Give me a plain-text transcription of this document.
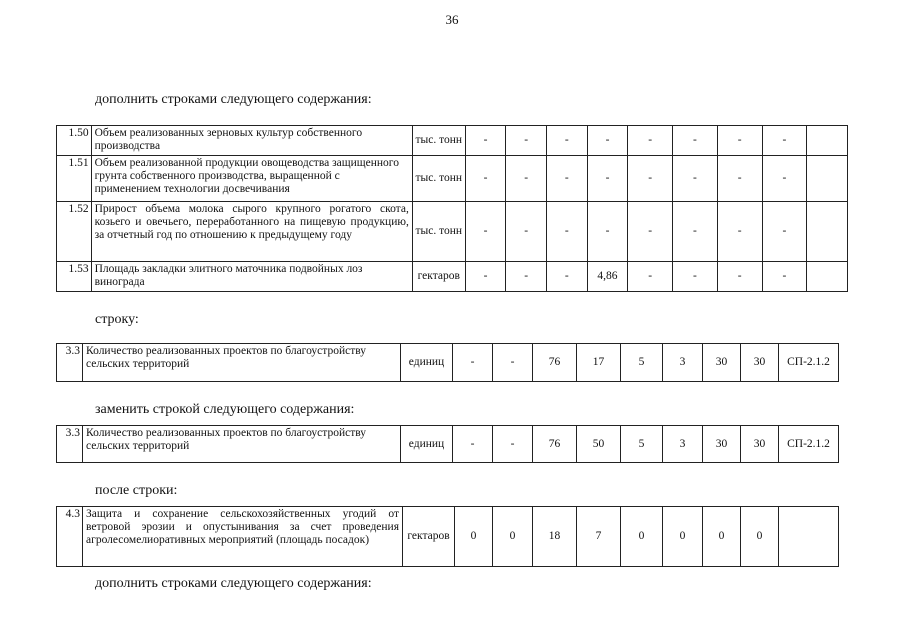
36
дополнить строками следующего содержания:
1.50	Объем реализованных зерновых культур собственного производства	тыс. тонн	-	-	-	-	-	-	-	-	
1.51	Объем реализованной продукции овощеводства защищенного грунта собственного производства, выращенной с применением технологии досвечивания	тыс. тонн	-	-	-	-	-	-	-	-	
1.52	Прирост объема молока сырого крупного рогатого скота, козьего и овечьего, переработанного на пищевую продукцию, за отчетный год по отношению к предыдущему году	тыс. тонн	-	-	-	-	-	-	-	-	
1.53	Площадь закладки элитного маточника подвойных лоз винограда	гектаров	-	-	-	4,86	-	-	-	-	
строку:
3.3	Количество реализованных проектов по благоустройству сельских территорий	единиц	-	-	76	17	5	3	30	30	СП-2.1.2
заменить строкой следующего содержания:
3.3	Количество реализованных проектов по благоустройству сельских территорий	единиц	-	-	76	50	5	3	30	30	СП-2.1.2
после строки:
4.3	Защита и сохранение сельскохозяйственных угодий от ветровой эрозии и опустынивания за счет проведения агролесомелиоративных мероприятий (площадь посадок)	гектаров	0	0	18	7	0	0	0	0	
дополнить строками следующего содержания:
